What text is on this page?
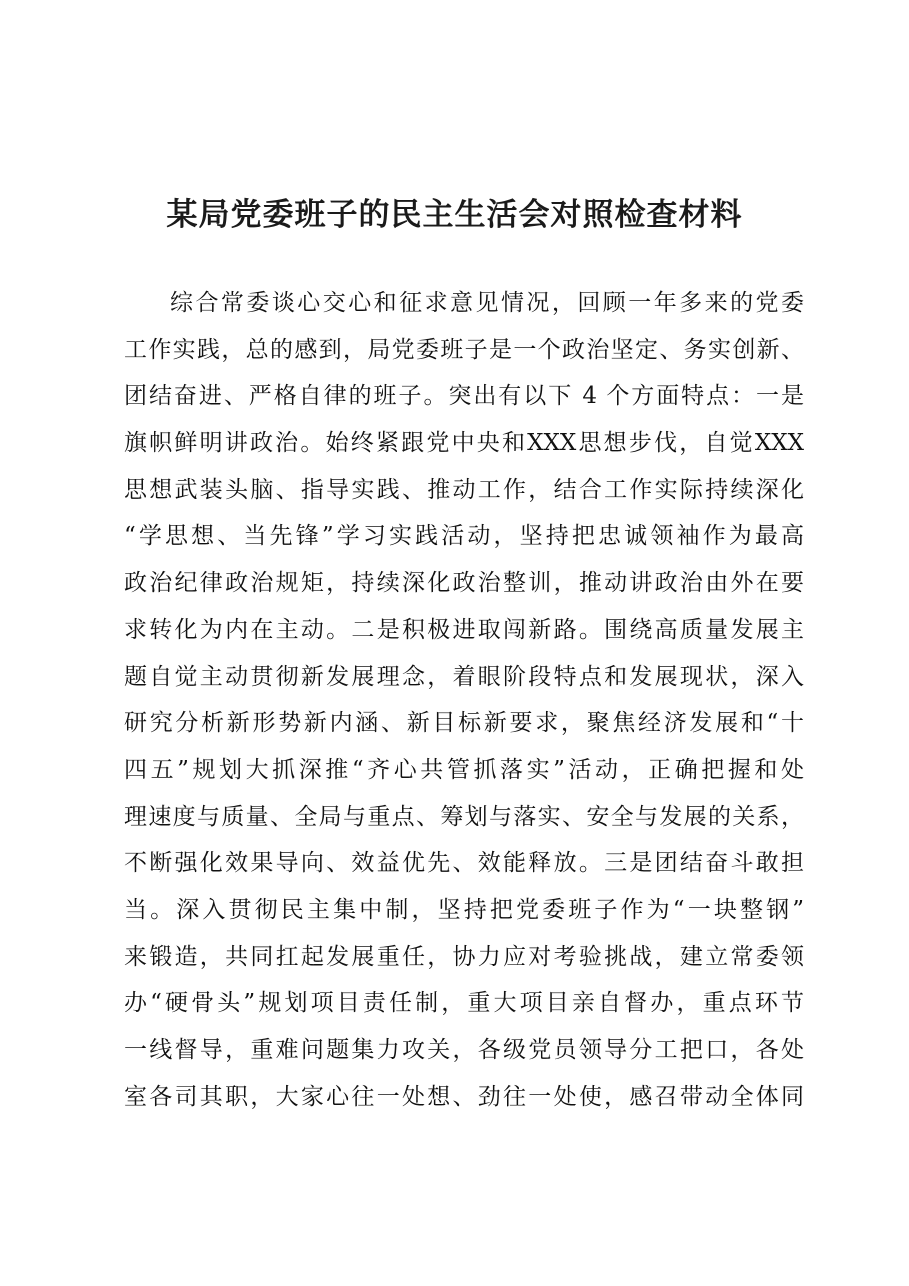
某局党委班子的民主生活会对照检查材料
综合常委谈心交心和征求意见情况，回顾一年多来的党委
工作实践，总的感到，局党委班子是一个政治坚定、务实创新、
团结奋进、严格自律的班子。突出有以下 4 个方面特点：一是
旗帜鲜明讲政治。始终紧跟党中央和XXX思想步伐，自觉XXX
思想武装头脑、指导实践、推动工作，结合工作实际持续深化
“学思想、当先锋”学习实践活动，坚持把忠诚领袖作为最高
政治纪律政治规矩，持续深化政治整训，推动讲政治由外在要
求转化为内在主动。二是积极进取闯新路。围绕高质量发展主
题自觉主动贯彻新发展理念，着眼阶段特点和发展现状，深入
研究分析新形势新内涵、新目标新要求，聚焦经济发展和“十
四五”规划大抓深推“齐心共管抓落实”活动，正确把握和处
理速度与质量、全局与重点、筹划与落实、安全与发展的关系，
不断强化效果导向、效益优先、效能释放。三是团结奋斗敢担
当。深入贯彻民主集中制，坚持把党委班子作为“一块整钢”
来锻造，共同扛起发展重任，协力应对考验挑战，建立常委领
办“硬骨头”规划项目责任制，重大项目亲自督办，重点环节
一线督导，重难问题集力攻关，各级党员领导分工把口，各处
室各司其职，大家心往一处想、劲往一处使，感召带动全体同
